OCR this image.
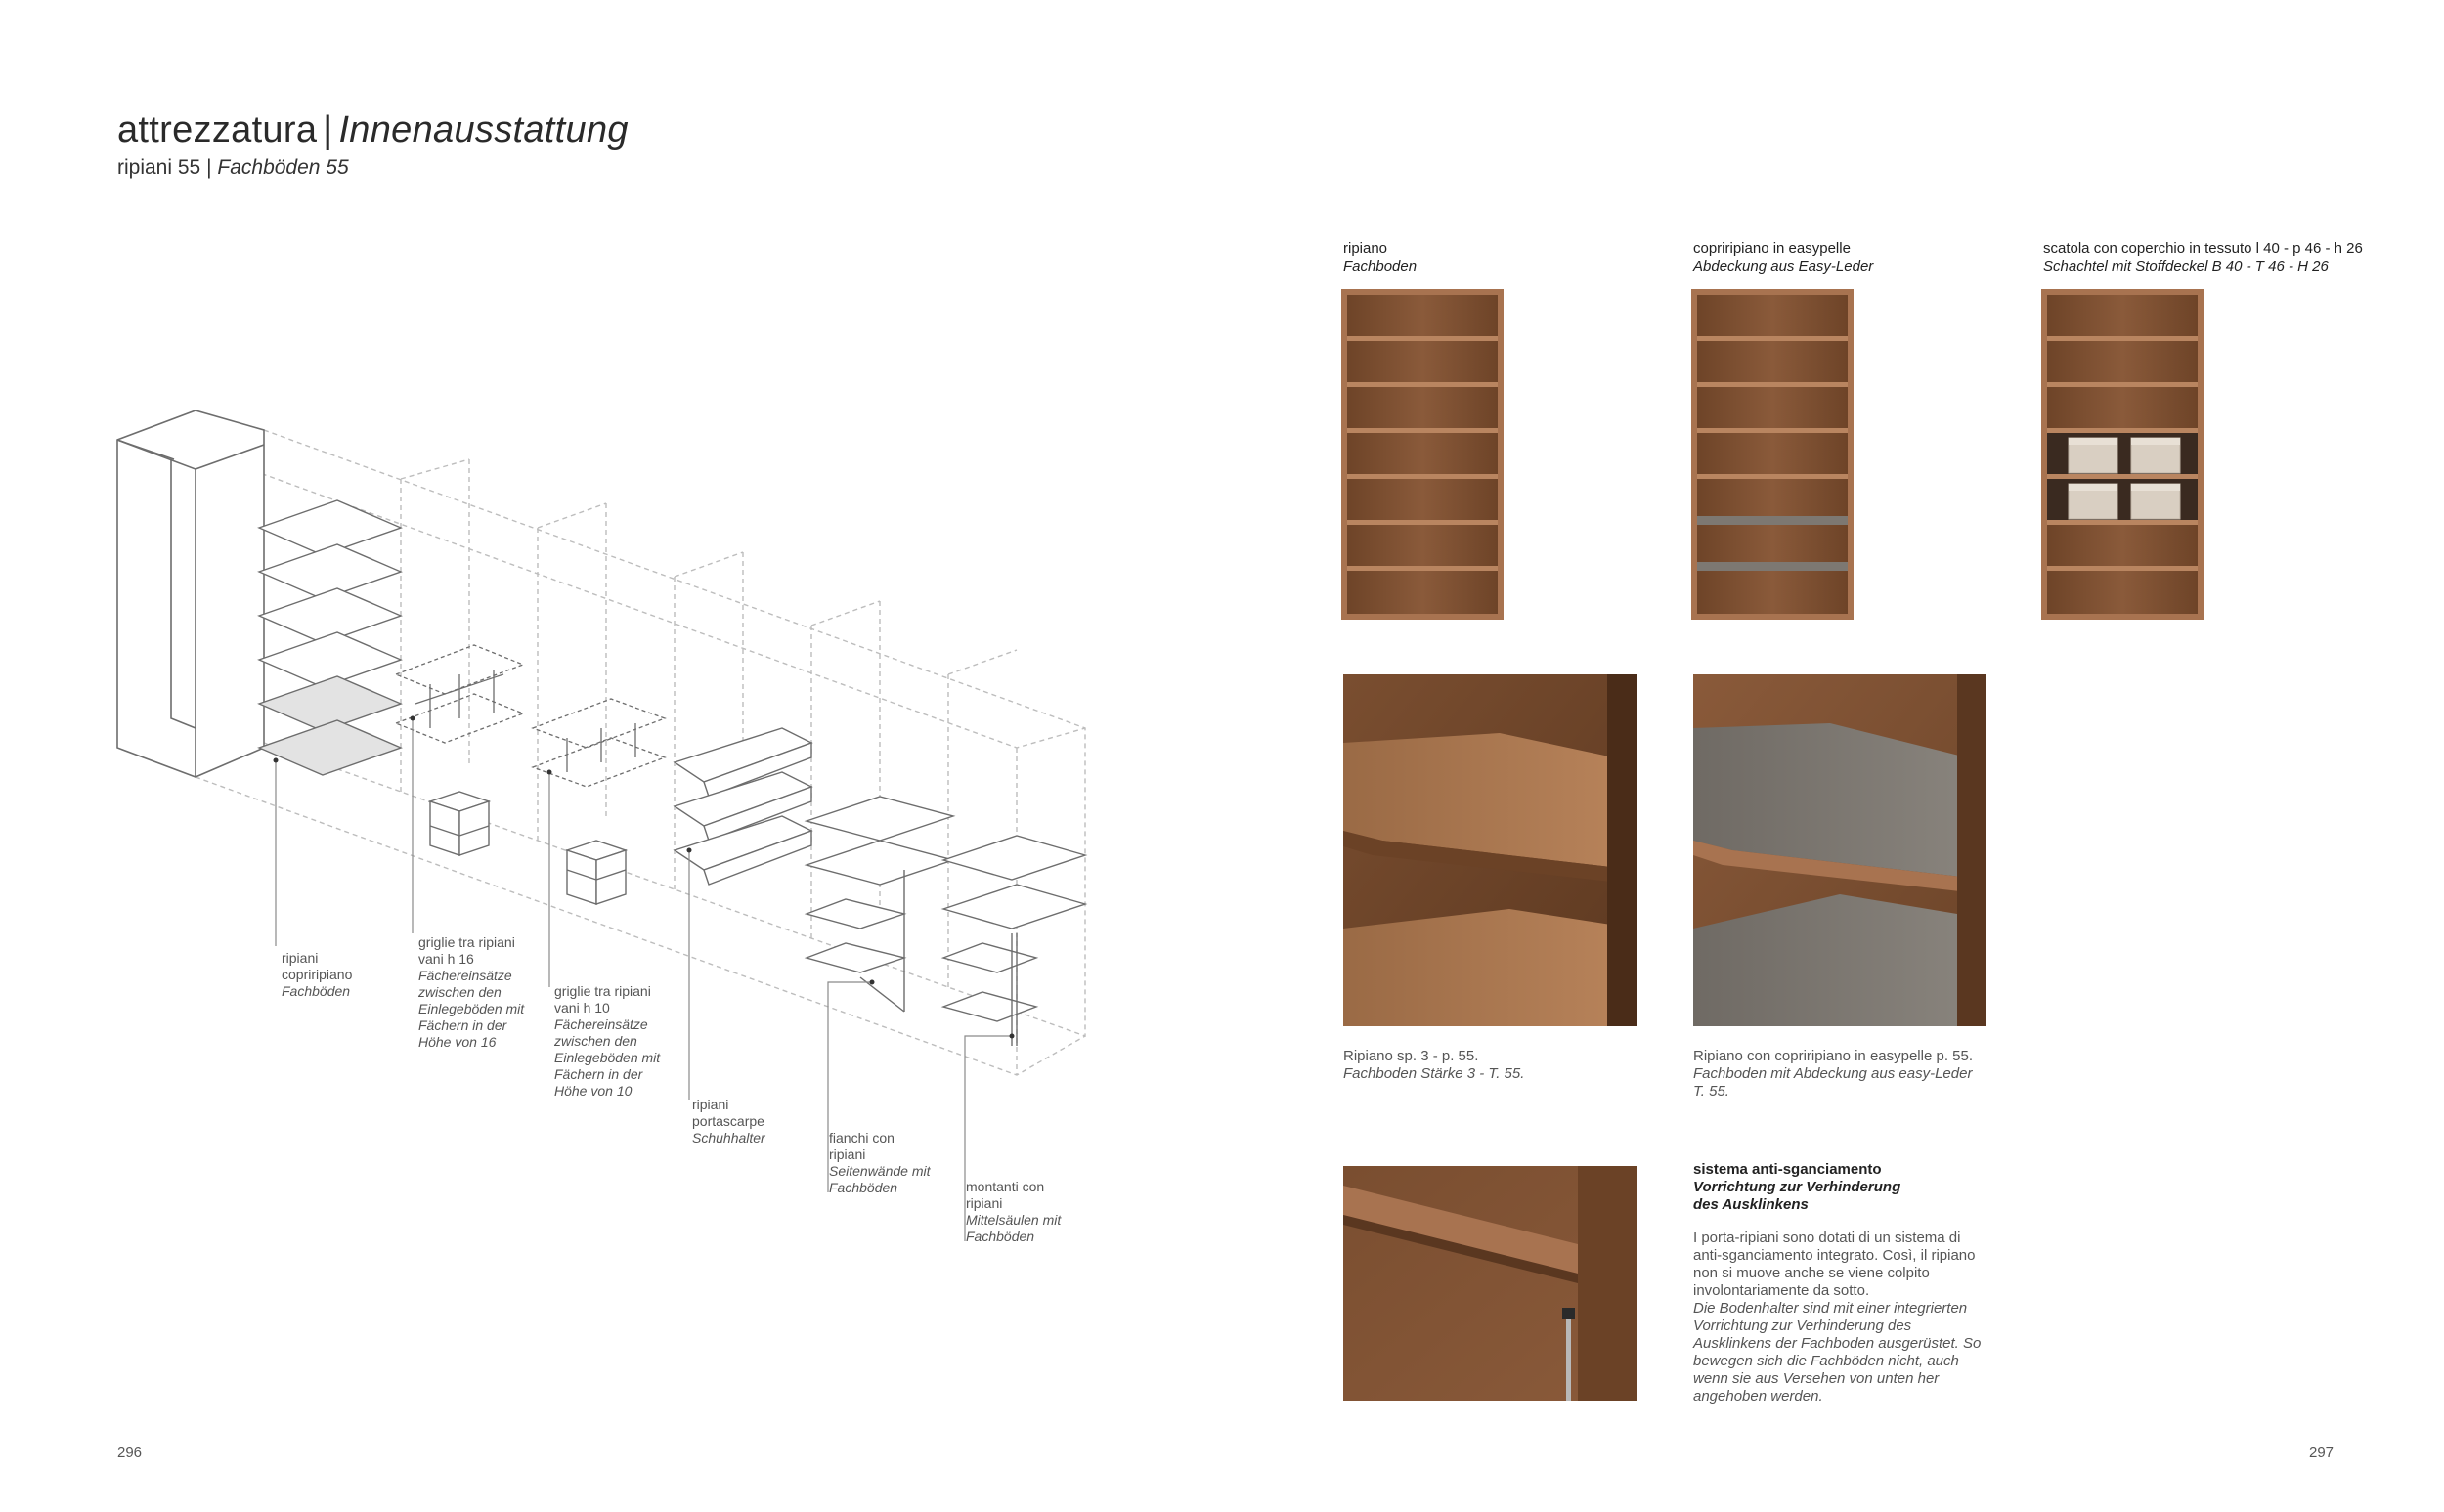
attrezzatura | Innenausstattung
ripiani 55 | Fachböden 55
ripiani
copriripiano
Fachböden
griglie tra ripiani
vani h 16
Fächereinsätze
zwischen den
Einlegeböden mit
Fächern in der
Höhe von 16
griglie tra ripiani
vani h 10
Fächereinsätze
zwischen den
Einlegeböden mit
Fächern in der
Höhe von 10
ripiani
portascarpe
Schuhhalter	fianchi con
ripiani
Seitenwände mit
Fachböden	montanti con
ripiani
Mittelsäulen mit
Fachböden
ripiano
Fachboden
copriripiano in easypelle
Abdeckung aus Easy-Leder
scatola con coperchio in tessuto l 40 - p 46 - h 26
Schachtel mit Stoffdeckel B 40 - T 46 - H 26
Ripiano sp. 3 - p. 55.
Fachboden Stärke 3 - T. 55.
Ripiano con copriripiano in easypelle p. 55.
Fachboden mit Abdeckung aus easy-Leder T. 55.
sistema anti-sganciamento
Vorrichtung zur Verhinderung des Ausklinkens

I porta-ripiani sono dotati di un sistema di anti-sganciamento integrato. Così, il ripiano non si muove anche se viene colpito involontariamente da sotto.

Die Bodenhalter sind mit einer integrierten Vorrichtung zur Verhinderung des Ausklinkens der Fachboden ausgerüstet. So bewegen sich die Fachböden nicht, auch wenn sie aus Versehen von unten her angehoben werden.

296	297
